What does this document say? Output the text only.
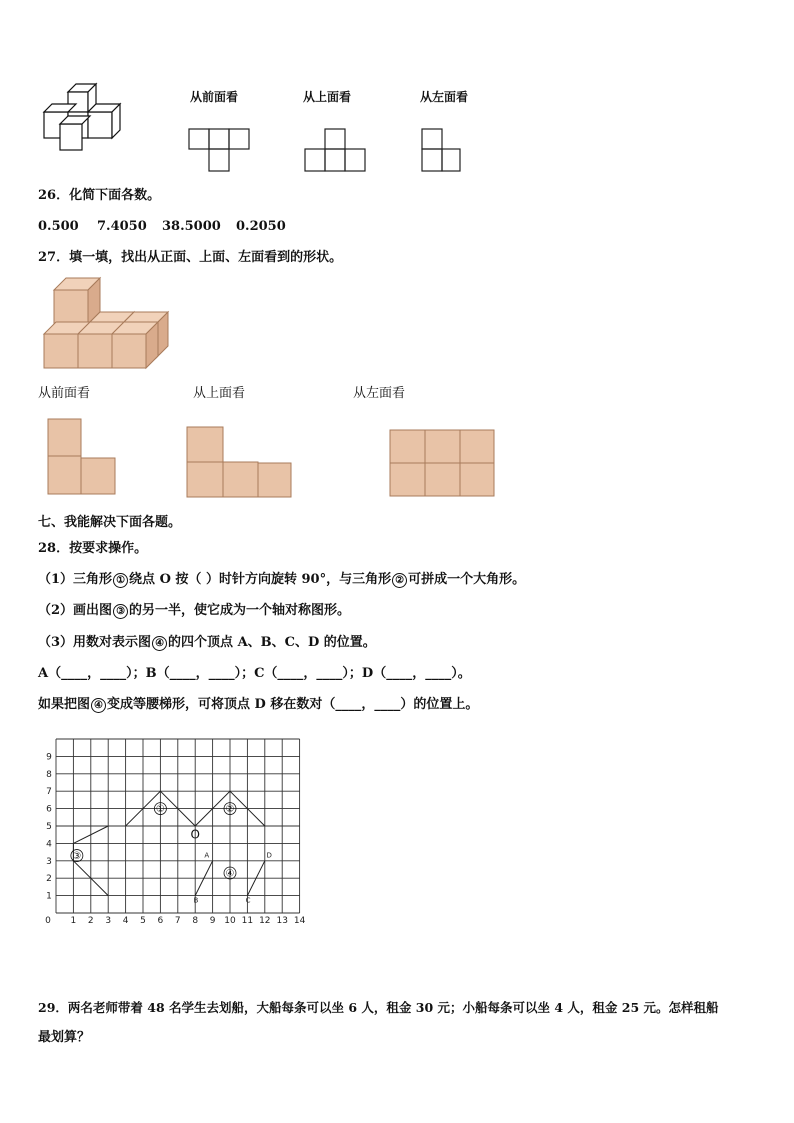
从前面看	从上面看	从左面看
26．化简下面各数。
0.500 7.4050 38.5000 0.2050
27．填一填，找出从正面、上面、左面看到的形状。
从前面看	从上面看	从左面看
七、我能解决下面各题。
28．按要求操作。
（1）三角形 ① 绕点 O 按（ ）时针方向旋转 90°，与三角形 ② 可拼成一个大角形。
（2）画出图 ③ 的另一半，使它成为一个轴对称图形。
（3）用数对表示图 ④ 的四个顶点 A、B、C、D 的位置。
A（____，____）；B（____，____）；C（____，____）；D（____，____）。
如果把图 ④ 变成等腰梯形，可将顶点 D 移在数对（____，____）的位置上。
0 1 2 3 4 5 6 7 8 9 10 11 12 13 14
1
2
3
4
5
6
7
8
9
①	②
③
④
O
A
B	C
D
29．两名老师带着 48 名学生去划船，大船每条可以坐 6 人，租金 30 元；小船每条可以坐 4 人，租金 25 元。怎样租船
最划算？
